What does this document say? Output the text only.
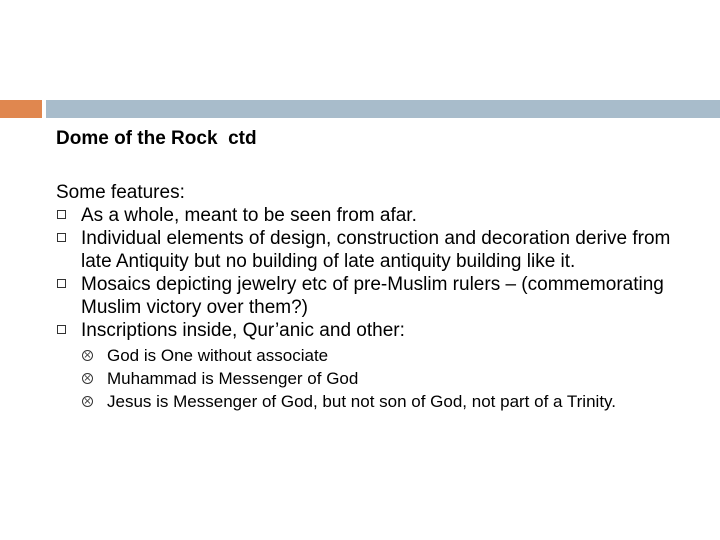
Dome of the Rock  ctd

Some features:

As a whole, meant to be seen from afar.
Individual elements of design, construction and decoration derive from late Antiquity but no building of late antiquity building like it.
Mosaics depicting jewelry etc of pre-Muslim rulers – (commemorating Muslim victory over them?)
Inscriptions inside, Qur’anic and other:
× God is One without associate
× Muhammad is Messenger of God
× Jesus is Messenger of God, but not son of God, not part of a Trinity.
